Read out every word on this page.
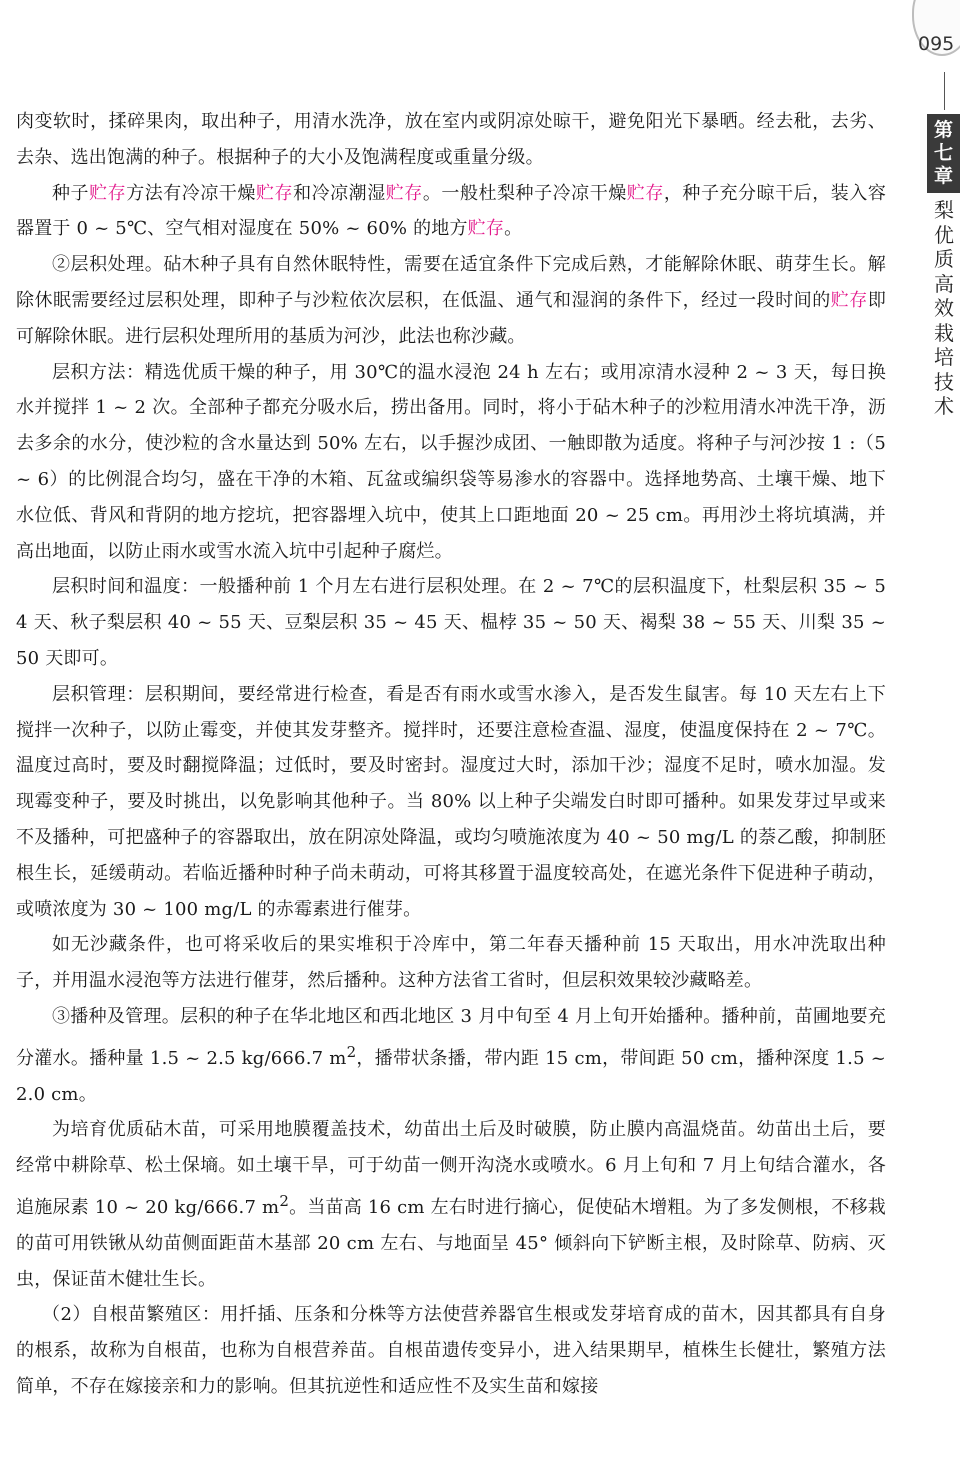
095
第七章
梨优质高效栽培技术

肉变软时，揉碎果肉，取出种子，用清水洗净，放在室内或阴凉处晾干，避免阳光下暴晒。经去秕，去劣、去杂、选出饱满的种子。根据种子的大小及饱满程度或重量分级。

种子贮存方法有冷凉干燥贮存和冷凉潮湿贮存。一般杜梨种子冷凉干燥贮存，种子充分晾干后，装入容器置于 0 ~ 5℃、空气相对湿度在 50% ~ 60% 的地方贮存。

②层积处理。砧木种子具有自然休眠特性，需要在适宜条件下完成后熟，才能解除休眠、萌芽生长。解除休眠需要经过层积处理，即种子与沙粒依次层积，在低温、通气和湿润的条件下，经过一段时间的贮存即可解除休眠。进行层积处理所用的基质为河沙，此法也称沙藏。

层积方法：精选优质干燥的种子，用 30℃的温水浸泡 24 h 左右；或用凉清水浸种 2 ~ 3 天，每日换水并搅拌 1 ~ 2 次。全部种子都充分吸水后，捞出备用。同时，将小于砧木种子的沙粒用清水冲洗干净，沥去多余的水分，使沙粒的含水量达到 50% 左右，以手握沙成团、一触即散为适度。将种子与河沙按 1 :（5 ~ 6）的比例混合均匀，盛在干净的木箱、瓦盆或编织袋等易渗水的容器中。选择地势高、土壤干燥、地下水位低、背风和背阴的地方挖坑，把容器埋入坑中，使其上口距地面 20 ~ 25 cm。再用沙土将坑填满，并高出地面，以防止雨水或雪水流入坑中引起种子腐烂。

层积时间和温度：一般播种前 1 个月左右进行层积处理。在 2 ~ 7℃的层积温度下，杜梨层积 35 ~ 54 天、秋子梨层积 40 ~ 55 天、豆梨层积 35 ~ 45 天、榅桲 35 ~ 50 天、褐梨 38 ~ 55 天、川梨 35 ~ 50 天即可。

层积管理：层积期间，要经常进行检查，看是否有雨水或雪水渗入，是否发生鼠害。每 10 天左右上下搅拌一次种子，以防止霉变，并使其发芽整齐。搅拌时，还要注意检查温、湿度，使温度保持在 2 ~ 7℃。温度过高时，要及时翻搅降温；过低时，要及时密封。湿度过大时，添加干沙；湿度不足时，喷水加湿。发现霉变种子，要及时挑出，以免影响其他种子。当 80% 以上种子尖端发白时即可播种。如果发芽过早或来不及播种，可把盛种子的容器取出，放在阴凉处降温，或均匀喷施浓度为 40 ~ 50 mg/L 的萘乙酸，抑制胚根生长，延缓萌动。若临近播种时种子尚未萌动，可将其移置于温度较高处，在遮光条件下促进种子萌动，或喷浓度为 30 ~ 100 mg/L 的赤霉素进行催芽。

如无沙藏条件，也可将采收后的果实堆积于冷库中，第二年春天播种前 15 天取出，用水冲洗取出种子，并用温水浸泡等方法进行催芽，然后播种。这种方法省工省时，但层积效果较沙藏略差。

③播种及管理。层积的种子在华北地区和西北地区 3 月中旬至 4 月上旬开始播种。播种前，苗圃地要充分灌水。播种量 1.5 ~ 2.5 kg/666.7 $m^2$，播带状条播，带内距 15 cm，带间距 50 cm，播种深度 1.5 ~ 2.0 cm。

为培育优质砧木苗，可采用地膜覆盖技术，幼苗出土后及时破膜，防止膜内高温烧苗。幼苗出土后，要经常中耕除草、松土保墒。如土壤干旱，可于幼苗一侧开沟浇水或喷水。6 月上旬和 7 月上旬结合灌水，各追施尿素 10 ~ 20 kg/666.7 $m^2$。当苗高 16 cm 左右时进行摘心，促使砧木增粗。为了多发侧根，不移栽的苗可用铁锹从幼苗侧面距苗木基部 20 cm 左右、与地面呈 45° 倾斜向下铲断主根，及时除草、防病、灭虫，保证苗木健壮生长。

（2）自根苗繁殖区：用扦插、压条和分株等方法使营养器官生根或发芽培育成的苗木，因其都具有自身的根系，故称为自根苗，也称为自根营养苗。自根苗遗传变异小，进入结果期早，植株生长健壮，繁殖方法简单，不存在嫁接亲和力的影响。但其抗逆性和适应性不及实生苗和嫁接
